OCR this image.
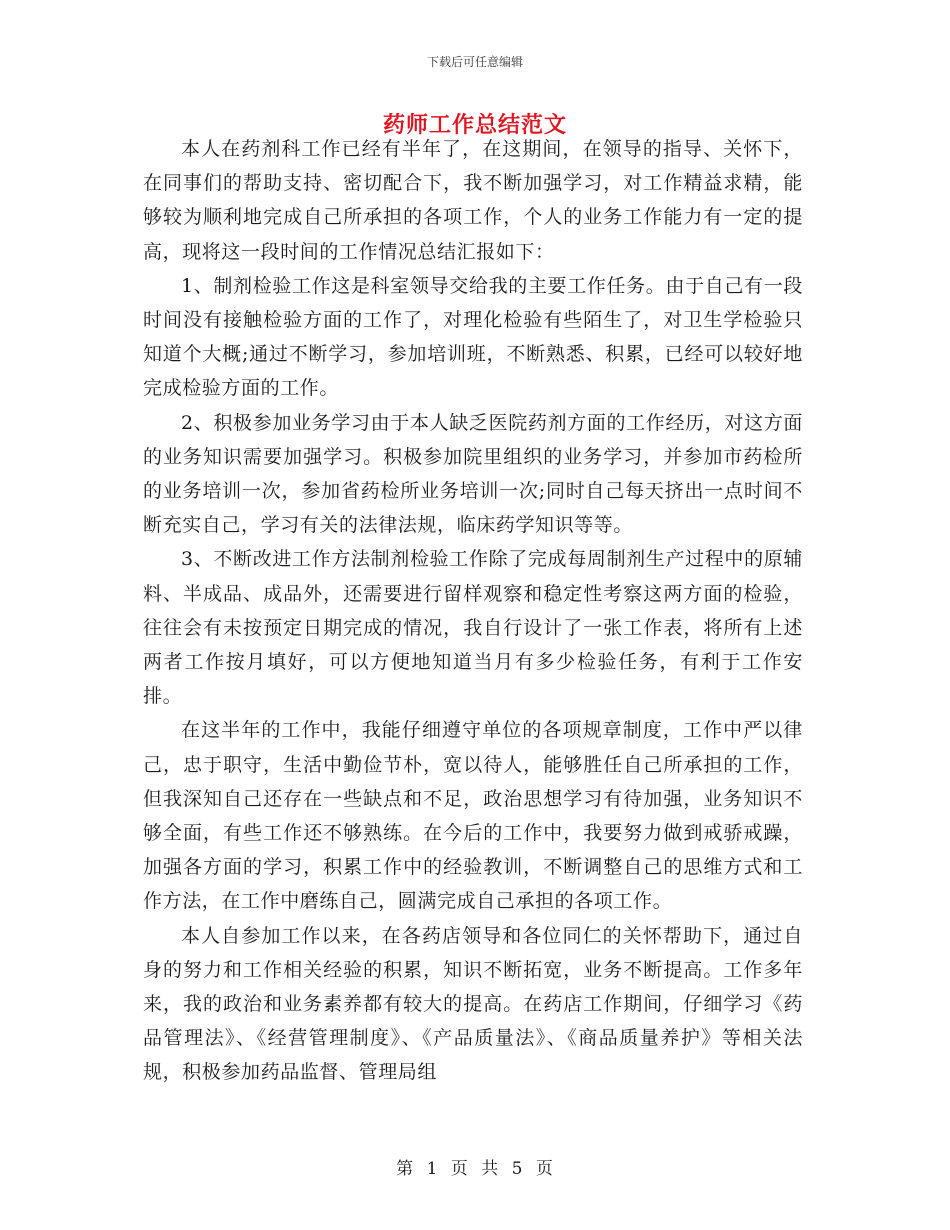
下载后可任意编辑
药师工作总结范文

本人在药剂科工作已经有半年了，在这期间，在领导的指导、关怀下，在同事们的帮助支持、密切配合下，我不断加强学习，对工作精益求精，能够较为顺利地完成自己所承担的各项工作，个人的业务工作能力有一定的提高，现将这一段时间的工作情况总结汇报如下：

1、制剂检验工作这是科室领导交给我的主要工作任务。由于自己有一段时间没有接触检验方面的工作了，对理化检验有些陌生了，对卫生学检验只知道个大概;通过不断学习，参加培训班，不断熟悉、积累，已经可以较好地完成检验方面的工作。

2、积极参加业务学习由于本人缺乏医院药剂方面的工作经历，对这方面的业务知识需要加强学习。积极参加院里组织的业务学习，并参加市药检所的业务培训一次，参加省药检所业务培训一次;同时自己每天挤出一点时间不断充实自己，学习有关的法律法规，临床药学知识等等。

3、不断改进工作方法制剂检验工作除了完成每周制剂生产过程中的原辅料、半成品、成品外，还需要进行留样观察和稳定性考察这两方面的检验，往往会有未按预定日期完成的情况，我自行设计了一张工作表，将所有上述两者工作按月填好，可以方便地知道当月有多少检验任务，有利于工作安排。

在这半年的工作中，我能仔细遵守单位的各项规章制度，工作中严以律己，忠于职守，生活中勤俭节朴，宽以待人，能够胜任自己所承担的工作，但我深知自己还存在一些缺点和不足，政治思想学习有待加强，业务知识不够全面，有些工作还不够熟练。在今后的工作中，我要努力做到戒骄戒躁，加强各方面的学习，积累工作中的经验教训，不断调整自己的思维方式和工作方法，在工作中磨练自己，圆满完成自己承担的各项工作。

本人自参加工作以来，在各药店领导和各位同仁的关怀帮助下，通过自身的努力和工作相关经验的积累，知识不断拓宽，业务不断提高。工作多年来，我的政治和业务素养都有较大的提高。在药店工作期间，仔细学习《药品管理法》、《经营管理制度》、《产品质量法》、《商品质量养护》等相关法规，积极参加药品监督、管理局组

第 1 页 共 5 页
